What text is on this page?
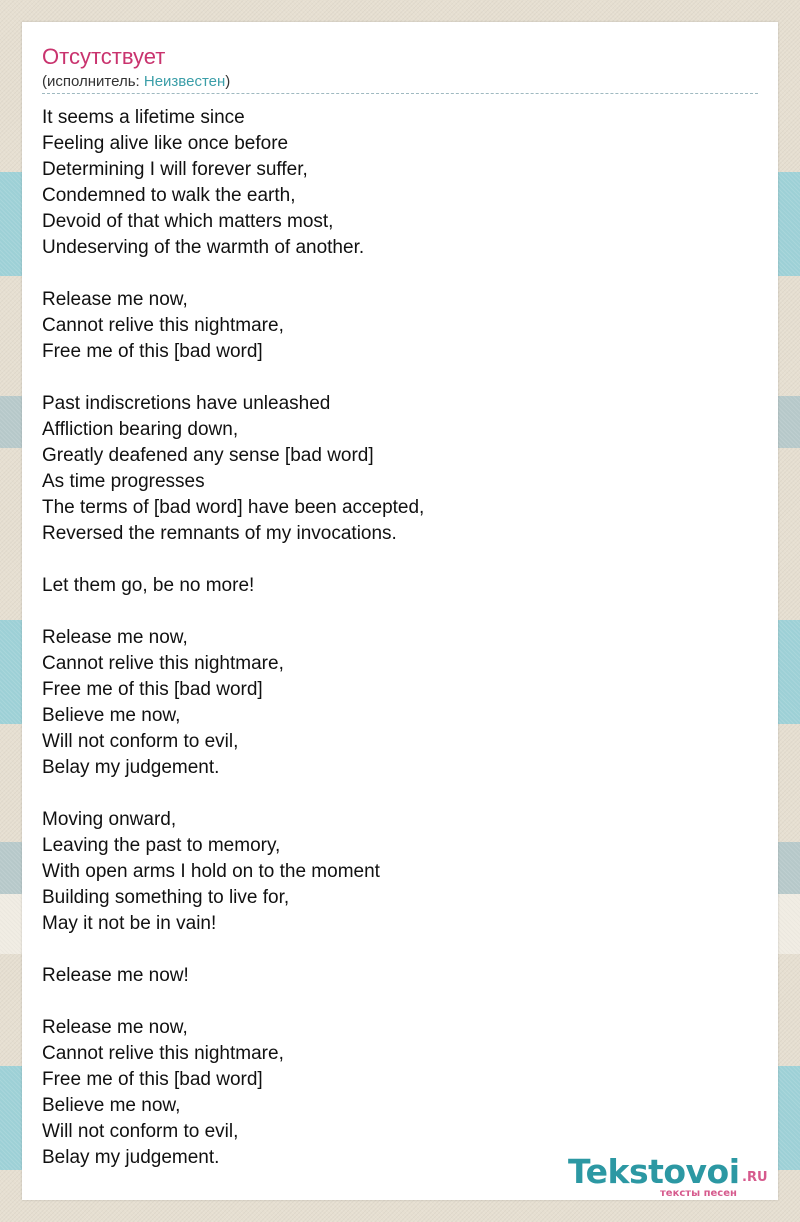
Отсутствует
(исполнитель: Неизвестен)
It seems a lifetime since
Feeling alive like once before
Determining I will forever suffer,
Condemned to walk the earth,
Devoid of that which matters most,
Undeserving of the warmth of another.
Release me now,
Cannot relive this nightmare,
Free me of this [bad word]
Past indiscretions have unleashed
Affliction bearing down,
Greatly deafened any sense [bad word]
As time progresses
The terms of [bad word] have been accepted,
Reversed the remnants of my invocations.
Let them go, be no more!
Release me now,
Cannot relive this nightmare,
Free me of this [bad word]
Believe me now,
Will not conform to evil,
Belay my judgement.
Moving onward,
Leaving the past to memory,
With open arms I hold on to the moment
Building something to live for,
May it not be in vain!
Release me now!
Release me now,
Cannot relive this nightmare,
Free me of this [bad word]
Believe me now,
Will not conform to evil,
Belay my judgement.	Tekstovoi .RU
тексты песен
